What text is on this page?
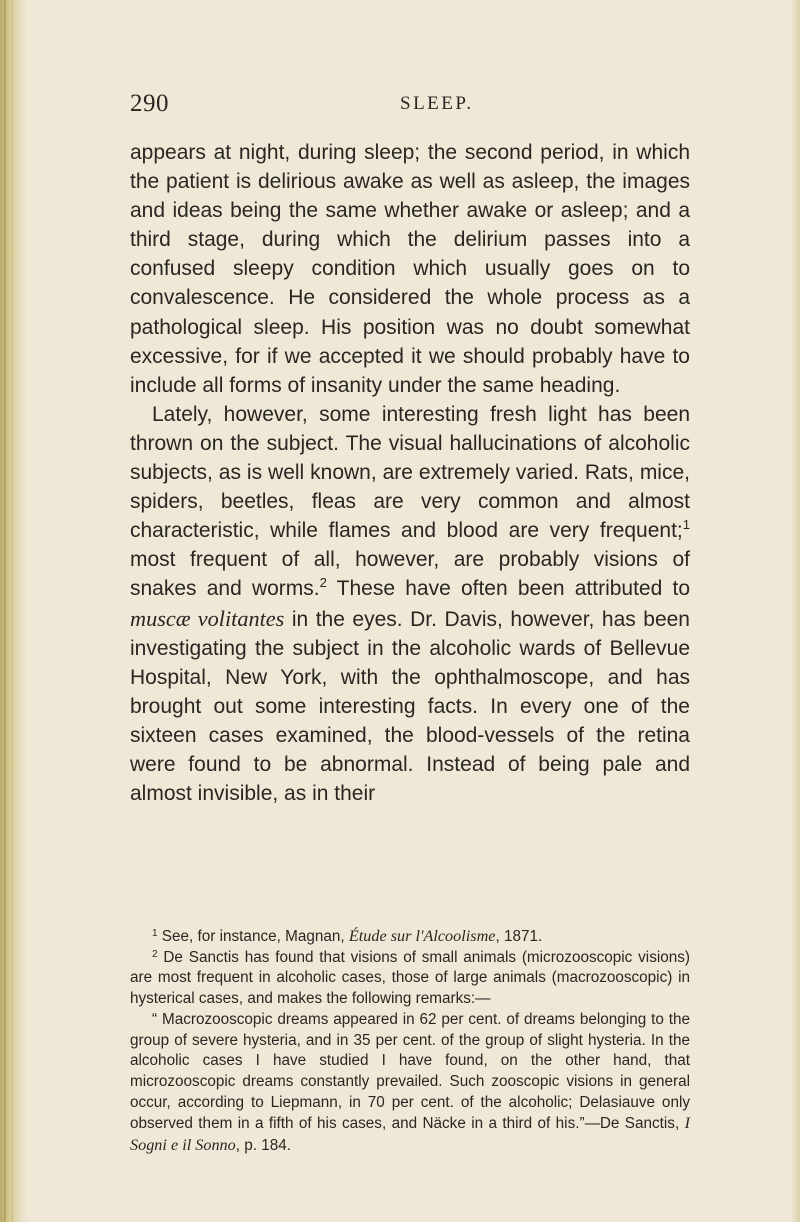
290	SLEEP.

appears at night, during sleep; the second period, in which the patient is delirious awake as well as asleep, the images and ideas being the same whether awake or asleep; and a third stage, during which the delirium passes into a confused sleepy condition which usually goes on to convalescence. He considered the whole process as a pathological sleep. His position was no doubt somewhat excessive, for if we accepted it we should probably have to include all forms of insanity under the same heading.

Lately, however, some interesting fresh light has been thrown on the subject. The visual hallucinations of alcoholic subjects, as is well known, are extremely varied. Rats, mice, spiders, beetles, fleas are very common and almost characteristic, while flames and blood are very frequent;$^1$ most frequent of all, however, are probably visions of snakes and worms.$^2$ These have often been attributed to muscæ volitantes in the eyes. Dr. Davis, however, has been investigating the subject in the alcoholic wards of Bellevue Hospital, New York, with the ophthalmoscope, and has brought out some interesting facts. In every one of the sixteen cases examined, the blood-vessels of the retina were found to be abnormal. Instead of being pale and almost invisible, as in their

$^1$ See, for instance, Magnan, Étude sur l'Alcoolisme, 1871.

$^2$ De Sanctis has found that visions of small animals (microzooscopic visions) are most frequent in alcoholic cases, those of large animals (macrozooscopic) in hysterical cases, and makes the following remarks:—

“ Macrozooscopic dreams appeared in 62 per cent. of dreams belonging to the group of severe hysteria, and in 35 per cent. of the group of slight hysteria. In the alcoholic cases I have studied I have found, on the other hand, that microzooscopic dreams constantly prevailed. Such zooscopic visions in general occur, according to Liepmann, in 70 per cent. of the alcoholic; Delasiauve only observed them in a fifth of his cases, and Näcke in a third of his.”—De Sanctis, I Sogni e il Sonno, p. 184.
